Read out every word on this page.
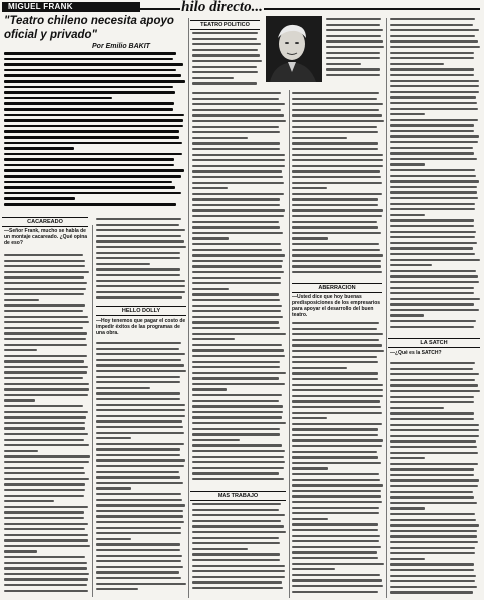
MIGUEL FRANK	hilo directo...
"Teatro chileno necesita apoyo oficial y privado"
Por Emilio BAKIT
CACAREADO
HELLO DOLLY
TEATRO POLITICO
ABERRACION
MAS TRABAJO
LA SATCH
—Señor Frank, mucho se habla de un montaje cacareado. ¿Qué opina de eso?
—Hoy tenemos que pagar el costo de impedir éxitos de las programas de una obra.
—Usted dice que hoy buenas predisposiciones de los empresarios para apoyar el desarrollo del buen teatro.
—¿Qué es la SATCH?
